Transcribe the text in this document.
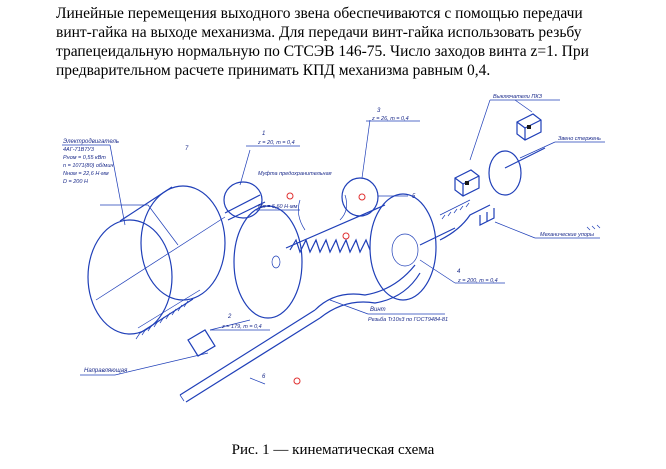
Линейные перемещения выходного звена обеспечиваются с помощью передачи винт-гайка на выходе механизма. Для передачи винт-гайка использовать резьбу трапецеидальную нормальную по СТСЭВ 146-75. Число заходов винта z=1. При предварительном расчете принимать КПД механизма равным 0,4.

Электродвигатель
4АГ-71В7У3
Pном = 0,55 кВт
n = 1071(80) об/мин
Nном = 22,6 Н·мм
D = 200 H
1
z = 20, m = 0,4
7
2
z = 179, m = 0,4
Муфта предохранительная
Mп = 5,60 Н·мм
3
z = 26, m = 0,4
5
4
z = 200, m = 0,4
6
Винт
Резьба Tr10x3 по ГОСТ9484-81
Направляющая
Выключатели ПКЗ
Звено стержень
Механические упоры
Рис. 1 — кинематическая схема
